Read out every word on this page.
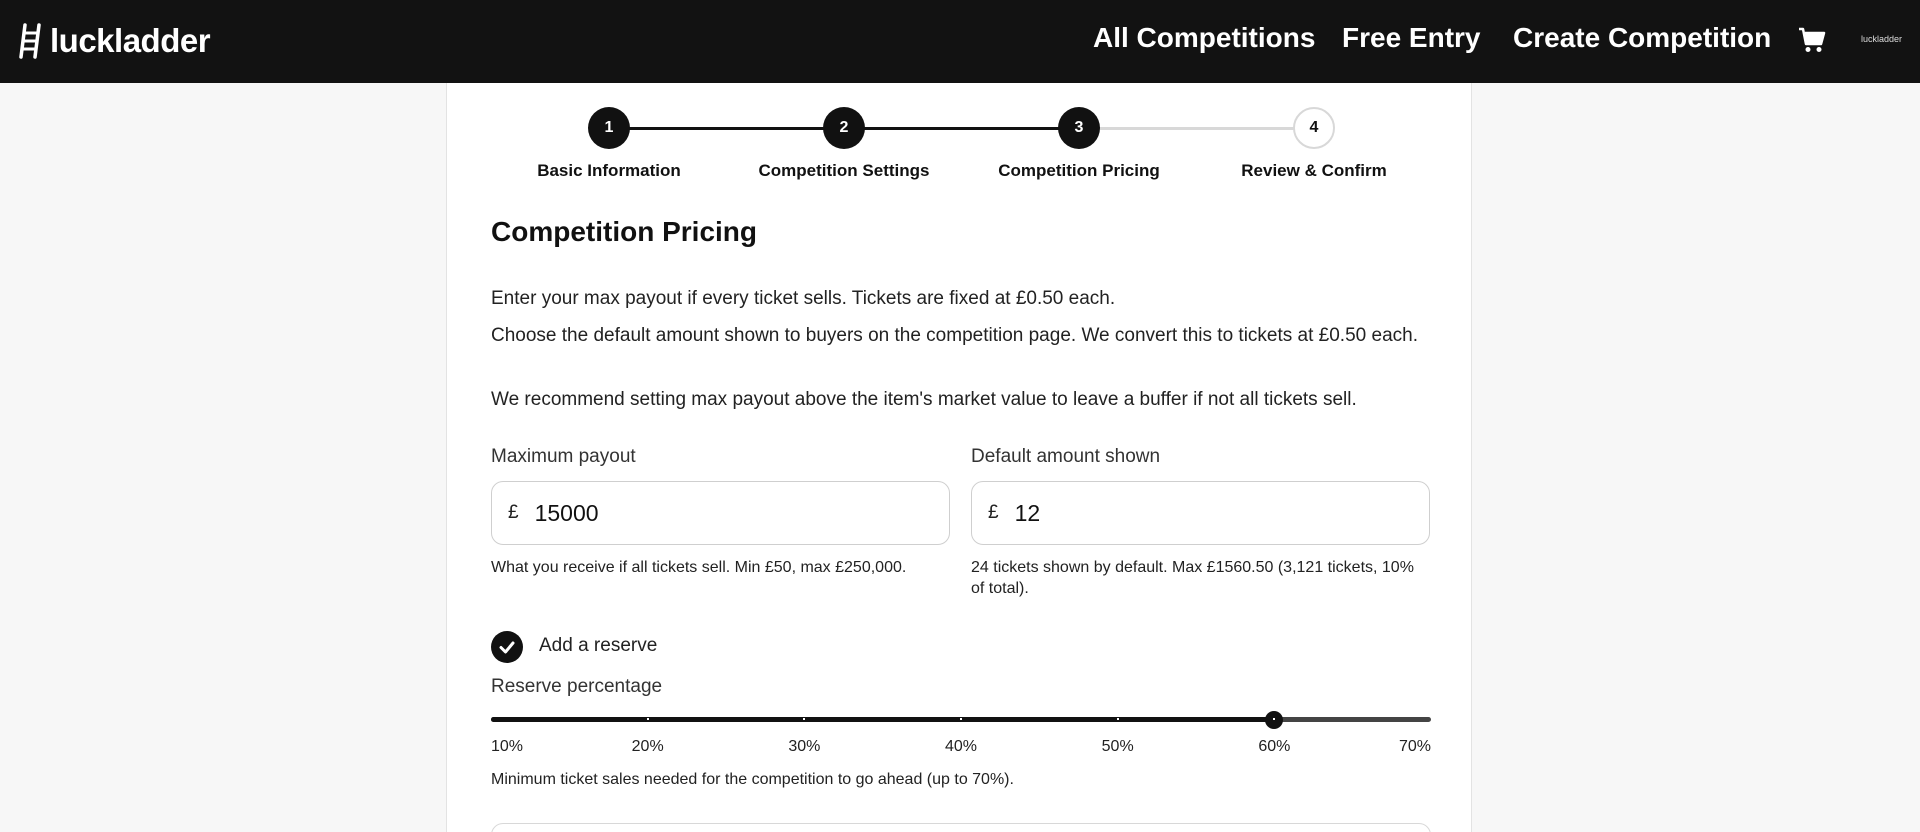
luckladder	All Competitions Free Entry Create Competition	luckladder
1	2	3	4
Basic Information	Competition Settings	Competition Pricing	Review & Confirm
Competition Pricing

Enter your max payout if every ticket sells. Tickets are fixed at £0.50 each.

Choose the default amount shown to buyers on the competition page. We convert this to tickets at £0.50 each.

We recommend setting max payout above the item's market value to leave a buffer if not all tickets sell.

Maximum payout
£
15000

What you receive if all tickets sell. Min £50, max £250,000.

Default amount shown
£
12

24 tickets shown by default. Max £1560.50 (3,121 tickets, 10% of total).

Add a reserve
Reserve percentage
10%	20%	30%	40%	50%	60%	70%

Minimum ticket sales needed for the competition to go ahead (up to 70%).
